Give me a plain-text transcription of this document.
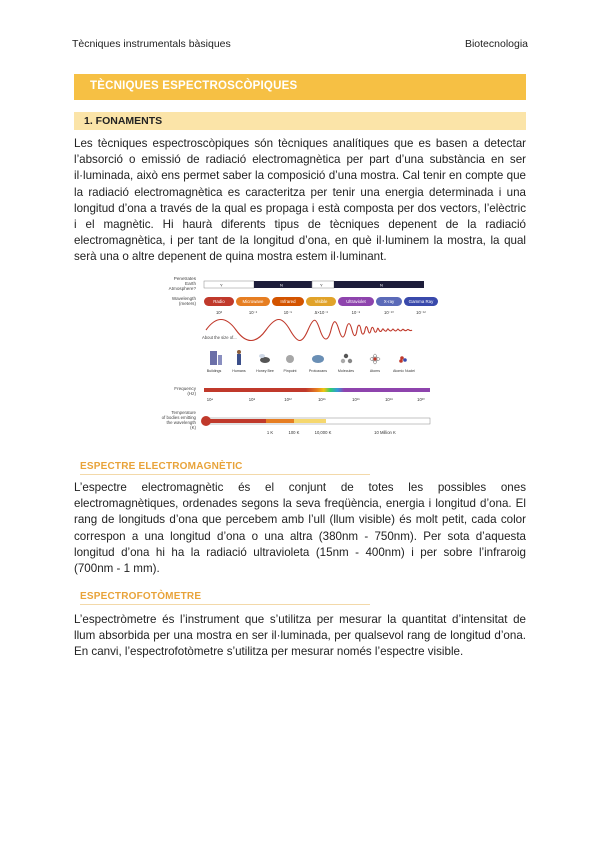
Tècniques instrumentals bàsiques	Biotecnologia
TÈCNIQUES ESPECTROSCÒPIQUES
1. FONAMENTS

Les tècniques espectroscòpiques són tècniques analítiques que es basen a detectar l’absorció o emissió de radiació electromagnètica per part d’una substància en ser il·luminada, això ens permet saber la composició d’una mostra. Cal tenir en compte que la radiació electromagnètica es caracteritza per tenir una energia determinada i una longitud d’ona a través de la qual es propaga i està composta per dos vectors, l’elèctric i el magnètic. Hi haurà diferents tipus de tècniques depenent de la radiació electromagnètica, i per tant de la longitud d’ona, en què il·luminem la mostra, la qual serà una o altre depenent de quina mostra estem il·luminant.

Penetrates
Earth
Atmosphere?
Y	N	Y	N
Wavelength
(meters)	Radio	Microwave	Infrared	Visible	Ultraviolet	X-ray	Gamma Ray
10³	10⁻²	10⁻⁵	.5×10⁻⁶	10⁻⁸	10⁻¹⁰	10⁻¹²
About the size of...
Buildings	Humans	Honey Bee	Pinpoint	Protozoans	Molecules	Atoms	Atomic Nuclei
Frequency
(Hz)
10⁴	10⁸	10¹²	10¹⁵	10¹⁶	10¹⁸	10²⁰
Temperature
of bodies emitting
the wavelength
(K)
1 K	100 K	10,000 K	10 Million K
ESPECTRE ELECTROMAGNÈTIC

L’espectre electromagnètic és el conjunt de totes les possibles ones electromagnètiques, ordenades segons la seva freqüència, energia i longitud d’ona. El rang de longituds d’ona que percebem amb l’ull (llum visible) és molt petit, cada color correspon a una longitud d’ona o una altra (380nm - 750nm). Per sota d’aquesta longitud d’ona hi ha la radiació ultravioleta (15nm - 400nm) i per sobre l’infraroig (700nm - 1 mm).

ESPECTROFOTÒMETRE

L’espectròmetre és l’instrument que s’utilitza per mesurar la quantitat d’intensitat de llum absorbida per una mostra en ser il·luminada, per qualsevol rang de longitud d’ona. En canvi, l’espectrofotòmetre s’utilitza per mesurar només l’espectre visible.
